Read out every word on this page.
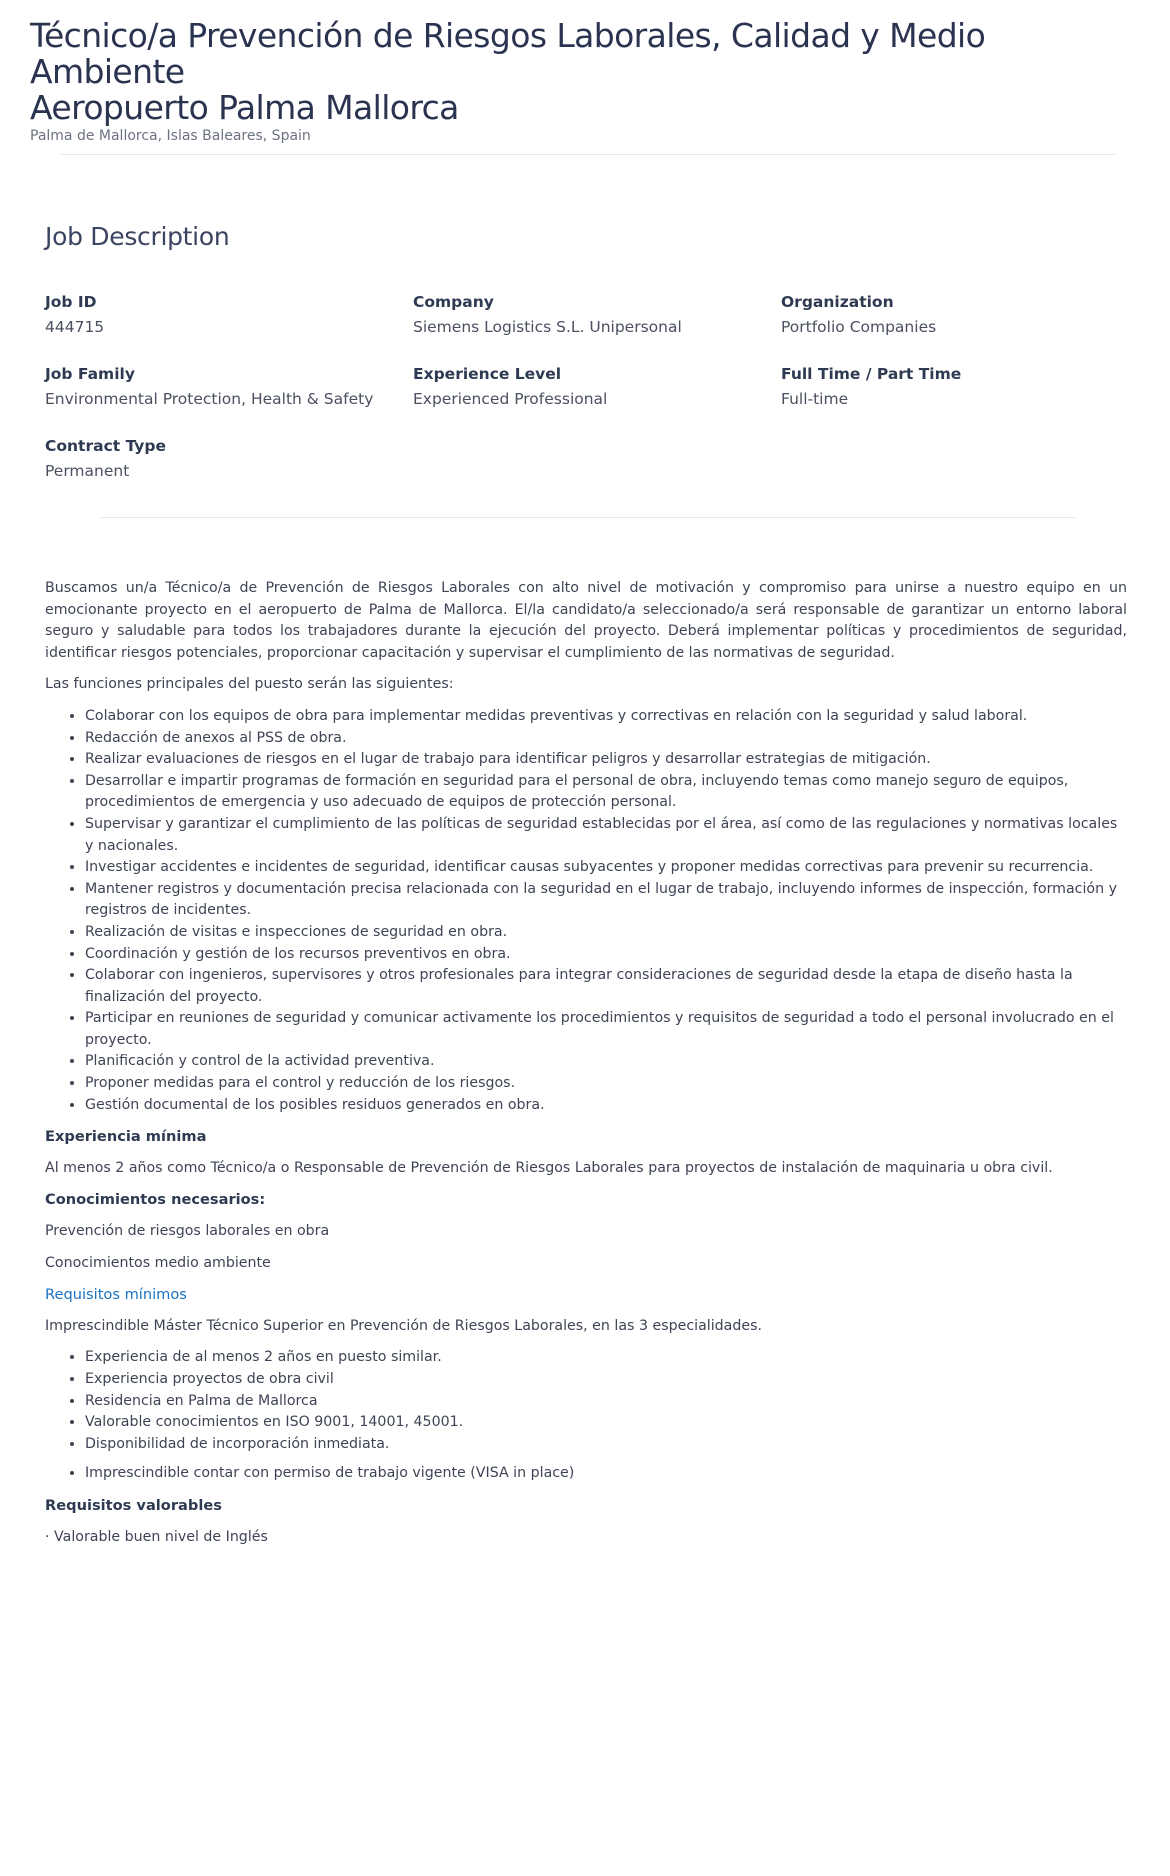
Técnico/a Prevención de Riesgos Laborales, Calidad y Medio Ambiente
Aeropuerto Palma Mallorca
Palma de Mallorca, Islas Baleares, Spain
Job Description
Job ID
444715
Company
Siemens Logistics S.L. Unipersonal
Organization
Portfolio Companies
Job Family
Environmental Protection, Health & Safety
Experience Level
Experienced Professional
Full Time / Part Time
Full-time
Contract Type
Permanent

Buscamos un/a Técnico/a de Prevención de Riesgos Laborales con alto nivel de motivación y compromiso para unirse a nuestro equipo en un emocionante proyecto en el aeropuerto de Palma de Mallorca. El/la candidato/a seleccionado/a será responsable de garantizar un entorno laboral seguro y saludable para todos los trabajadores durante la ejecución del proyecto. Deberá implementar políticas y procedimientos de seguridad, identificar riesgos potenciales, proporcionar capacitación y supervisar el cumplimiento de las normativas de seguridad.

Las funciones principales del puesto serán las siguientes:

• Colaborar con los equipos de obra para implementar medidas preventivas y correctivas en relación con la seguridad y salud laboral.
• Redacción de anexos al PSS de obra.
• Realizar evaluaciones de riesgos en el lugar de trabajo para identificar peligros y desarrollar estrategias de mitigación.
• Desarrollar e impartir programas de formación en seguridad para el personal de obra, incluyendo temas como manejo seguro de equipos, procedimientos de emergencia y uso adecuado de equipos de protección personal.
• Supervisar y garantizar el cumplimiento de las políticas de seguridad establecidas por el área, así como de las regulaciones y normativas locales y nacionales.
• Investigar accidentes e incidentes de seguridad, identificar causas subyacentes y proponer medidas correctivas para prevenir su recurrencia.
• Mantener registros y documentación precisa relacionada con la seguridad en el lugar de trabajo, incluyendo informes de inspección, formación y registros de incidentes.
• Realización de visitas e inspecciones de seguridad en obra.
• Coordinación y gestión de los recursos preventivos en obra.
• Colaborar con ingenieros, supervisores y otros profesionales para integrar consideraciones de seguridad desde la etapa de diseño hasta la finalización del proyecto.
• Participar en reuniones de seguridad y comunicar activamente los procedimientos y requisitos de seguridad a todo el personal involucrado en el proyecto.
• Planificación y control de la actividad preventiva.
• Proponer medidas para el control y reducción de los riesgos.
• Gestión documental de los posibles residuos generados en obra.
Experiencia mínima

Al menos 2 años como Técnico/a o Responsable de Prevención de Riesgos Laborales para proyectos de instalación de maquinaria u obra civil.

Conocimientos necesarios:

Prevención de riesgos laborales en obra

Conocimientos medio ambiente

Requisitos mínimos

Imprescindible Máster Técnico Superior en Prevención de Riesgos Laborales, en las 3 especialidades.

• Experiencia de al menos 2 años en puesto similar.
• Experiencia proyectos de obra civil
• Residencia en Palma de Mallorca
• Valorable conocimientos en ISO 9001, 14001, 45001.
• Disponibilidad de incorporación inmediata.
• Imprescindible contar con permiso de trabajo vigente (VISA in place)
Requisitos valorables

· Valorable buen nivel de Inglés
